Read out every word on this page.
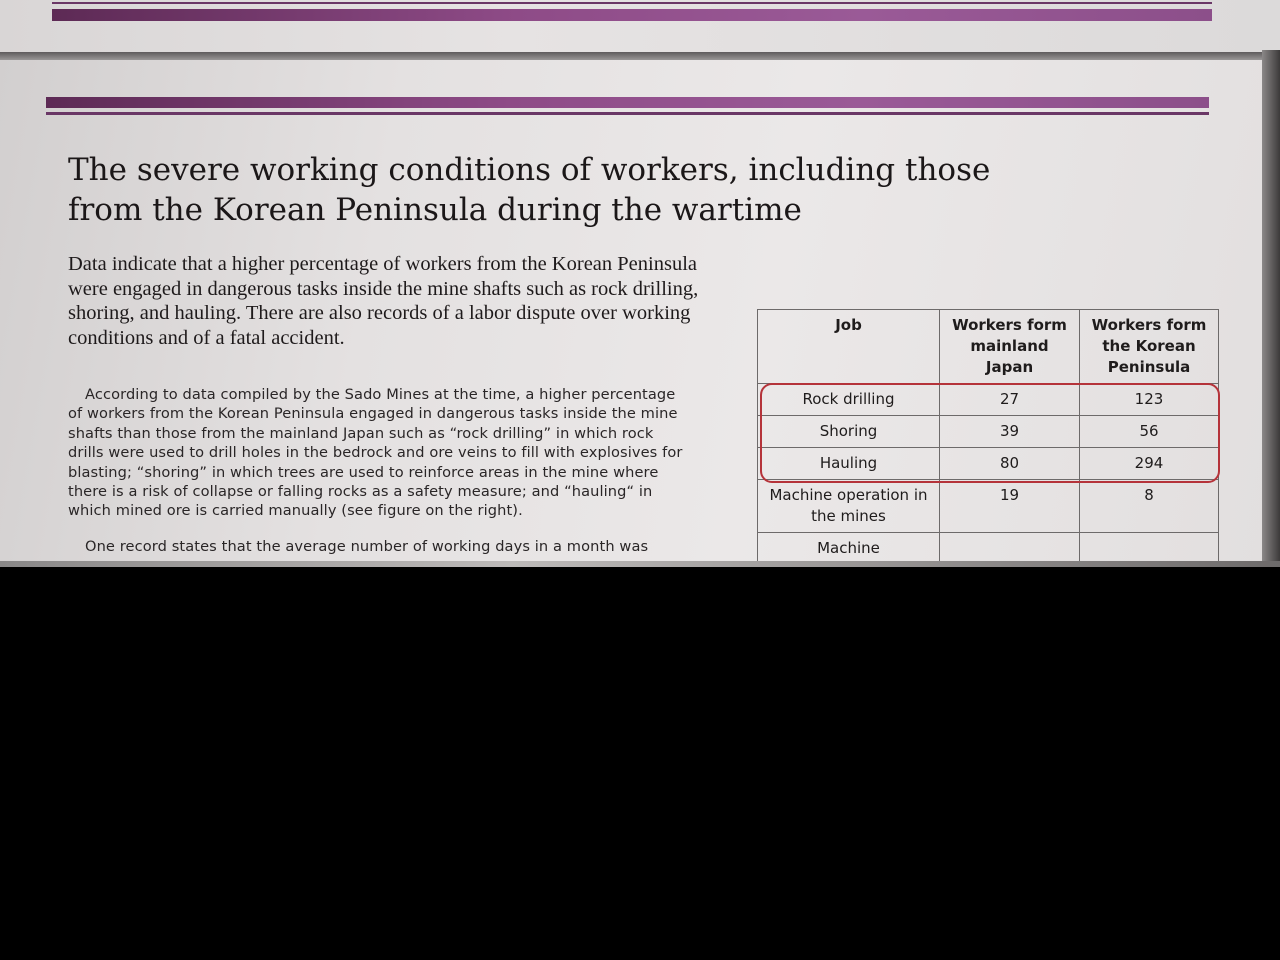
The severe working conditions of workers, including those from the Korean Peninsula during the wartime

Data indicate that a higher percentage of workers from the Korean Peninsula were engaged in dangerous tasks inside the mine shafts such as rock drilling, shoring, and hauling. There are also records of a labor dispute over working conditions and of a fatal accident.

According to data compiled by the Sado Mines at the time, a higher percentage of workers from the Korean Peninsula engaged in dangerous tasks inside the mine shafts than those from the mainland Japan such as “rock drilling” in which rock drills were used to drill holes in the bedrock and ore veins to fill with explosives for blasting; “shoring” in which trees are used to reinforce areas in the mine where there is a risk of collapse or falling rocks as a safety measure; and “hauling“ in which mined ore is carried manually (see figure on the right).

One record states that the average number of working days in a month was

Job	Workers form mainland Japan	Workers form the Korean Peninsula
Rock drilling	27	123
Shoring	39	56
Hauling	80	294
Machine operation in the mines	19	8
Machine		
